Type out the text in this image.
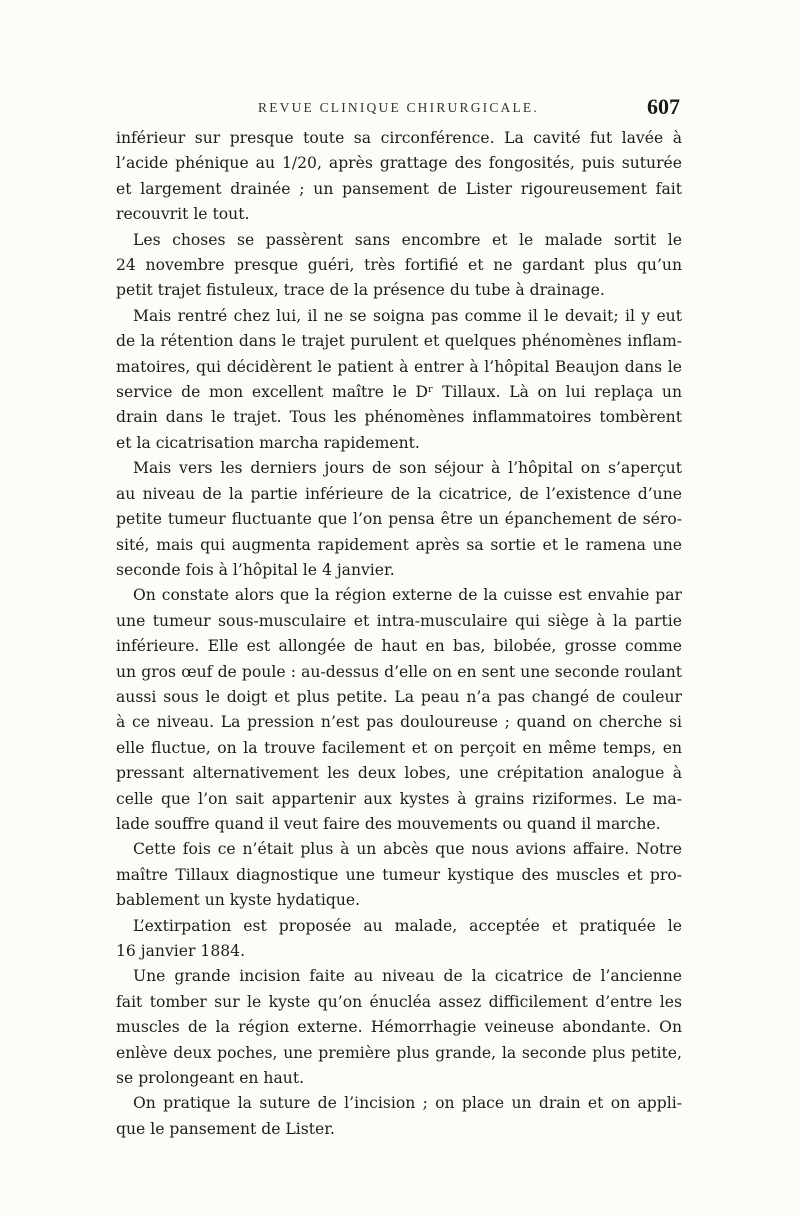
REVUE CLINIQUE CHIRURGICALE.	607

inférieur sur presque toute sa circonférence. La cavité fut lavée à
l’acide phénique au 1/20, après grattage des fongosités, puis suturée
et largement drainée ; un pansement de Lister rigoureusement fait
recouvrit le tout.

Les choses se passèrent sans encombre et le malade sortit le
24 novembre presque guéri, très fortifié et ne gardant plus qu’un
petit trajet fistuleux, trace de la présence du tube à drainage.

Mais rentré chez lui, il ne se soigna pas comme il le devait; il y eut
de la rétention dans le trajet purulent et quelques phénomènes inflam-
matoires, qui décidèrent le patient à entrer à l’hôpital Beaujon dans le
service de mon excellent maître le Dʳ Tillaux. Là on lui replaça un
drain dans le trajet. Tous les phénomènes inflammatoires tombèrent
et la cicatrisation marcha rapidement.

Mais vers les derniers jours de son séjour à l’hôpital on s’aperçut
au niveau de la partie inférieure de la cicatrice, de l’existence d’une
petite tumeur fluctuante que l’on pensa être un épanchement de séro-
sité, mais qui augmenta rapidement après sa sortie et le ramena une
seconde fois à l’hôpital le 4 janvier.

On constate alors que la région externe de la cuisse est envahie par
une tumeur sous-musculaire et intra-musculaire qui siège à la partie
inférieure. Elle est allongée de haut en bas, bilobée, grosse comme
un gros œuf de poule : au-dessus d’elle on en sent une seconde roulant
aussi sous le doigt et plus petite. La peau n’a pas changé de couleur
à ce niveau. La pression n’est pas douloureuse ; quand on cherche si
elle fluctue, on la trouve facilement et on perçoit en même temps, en
pressant alternativement les deux lobes, une crépitation analogue à
celle que l’on sait appartenir aux kystes à grains riziformes. Le ma-
lade souffre quand il veut faire des mouvements ou quand il marche.

Cette fois ce n’était plus à un abcès que nous avions affaire. Notre
maître Tillaux diagnostique une tumeur kystique des muscles et pro-
bablement un kyste hydatique.

L’extirpation est proposée au malade, acceptée et pratiquée le
16 janvier 1884.

Une grande incision faite au niveau de la cicatrice de l’ancienne
fait tomber sur le kyste qu’on énucléa assez difficilement d’entre les
muscles de la région externe. Hémorrhagie veineuse abondante. On
enlève deux poches, une première plus grande, la seconde plus petite,
se prolongeant en haut.

On pratique la suture de l’incision ; on place un drain et on appli-
que le pansement de Lister.
